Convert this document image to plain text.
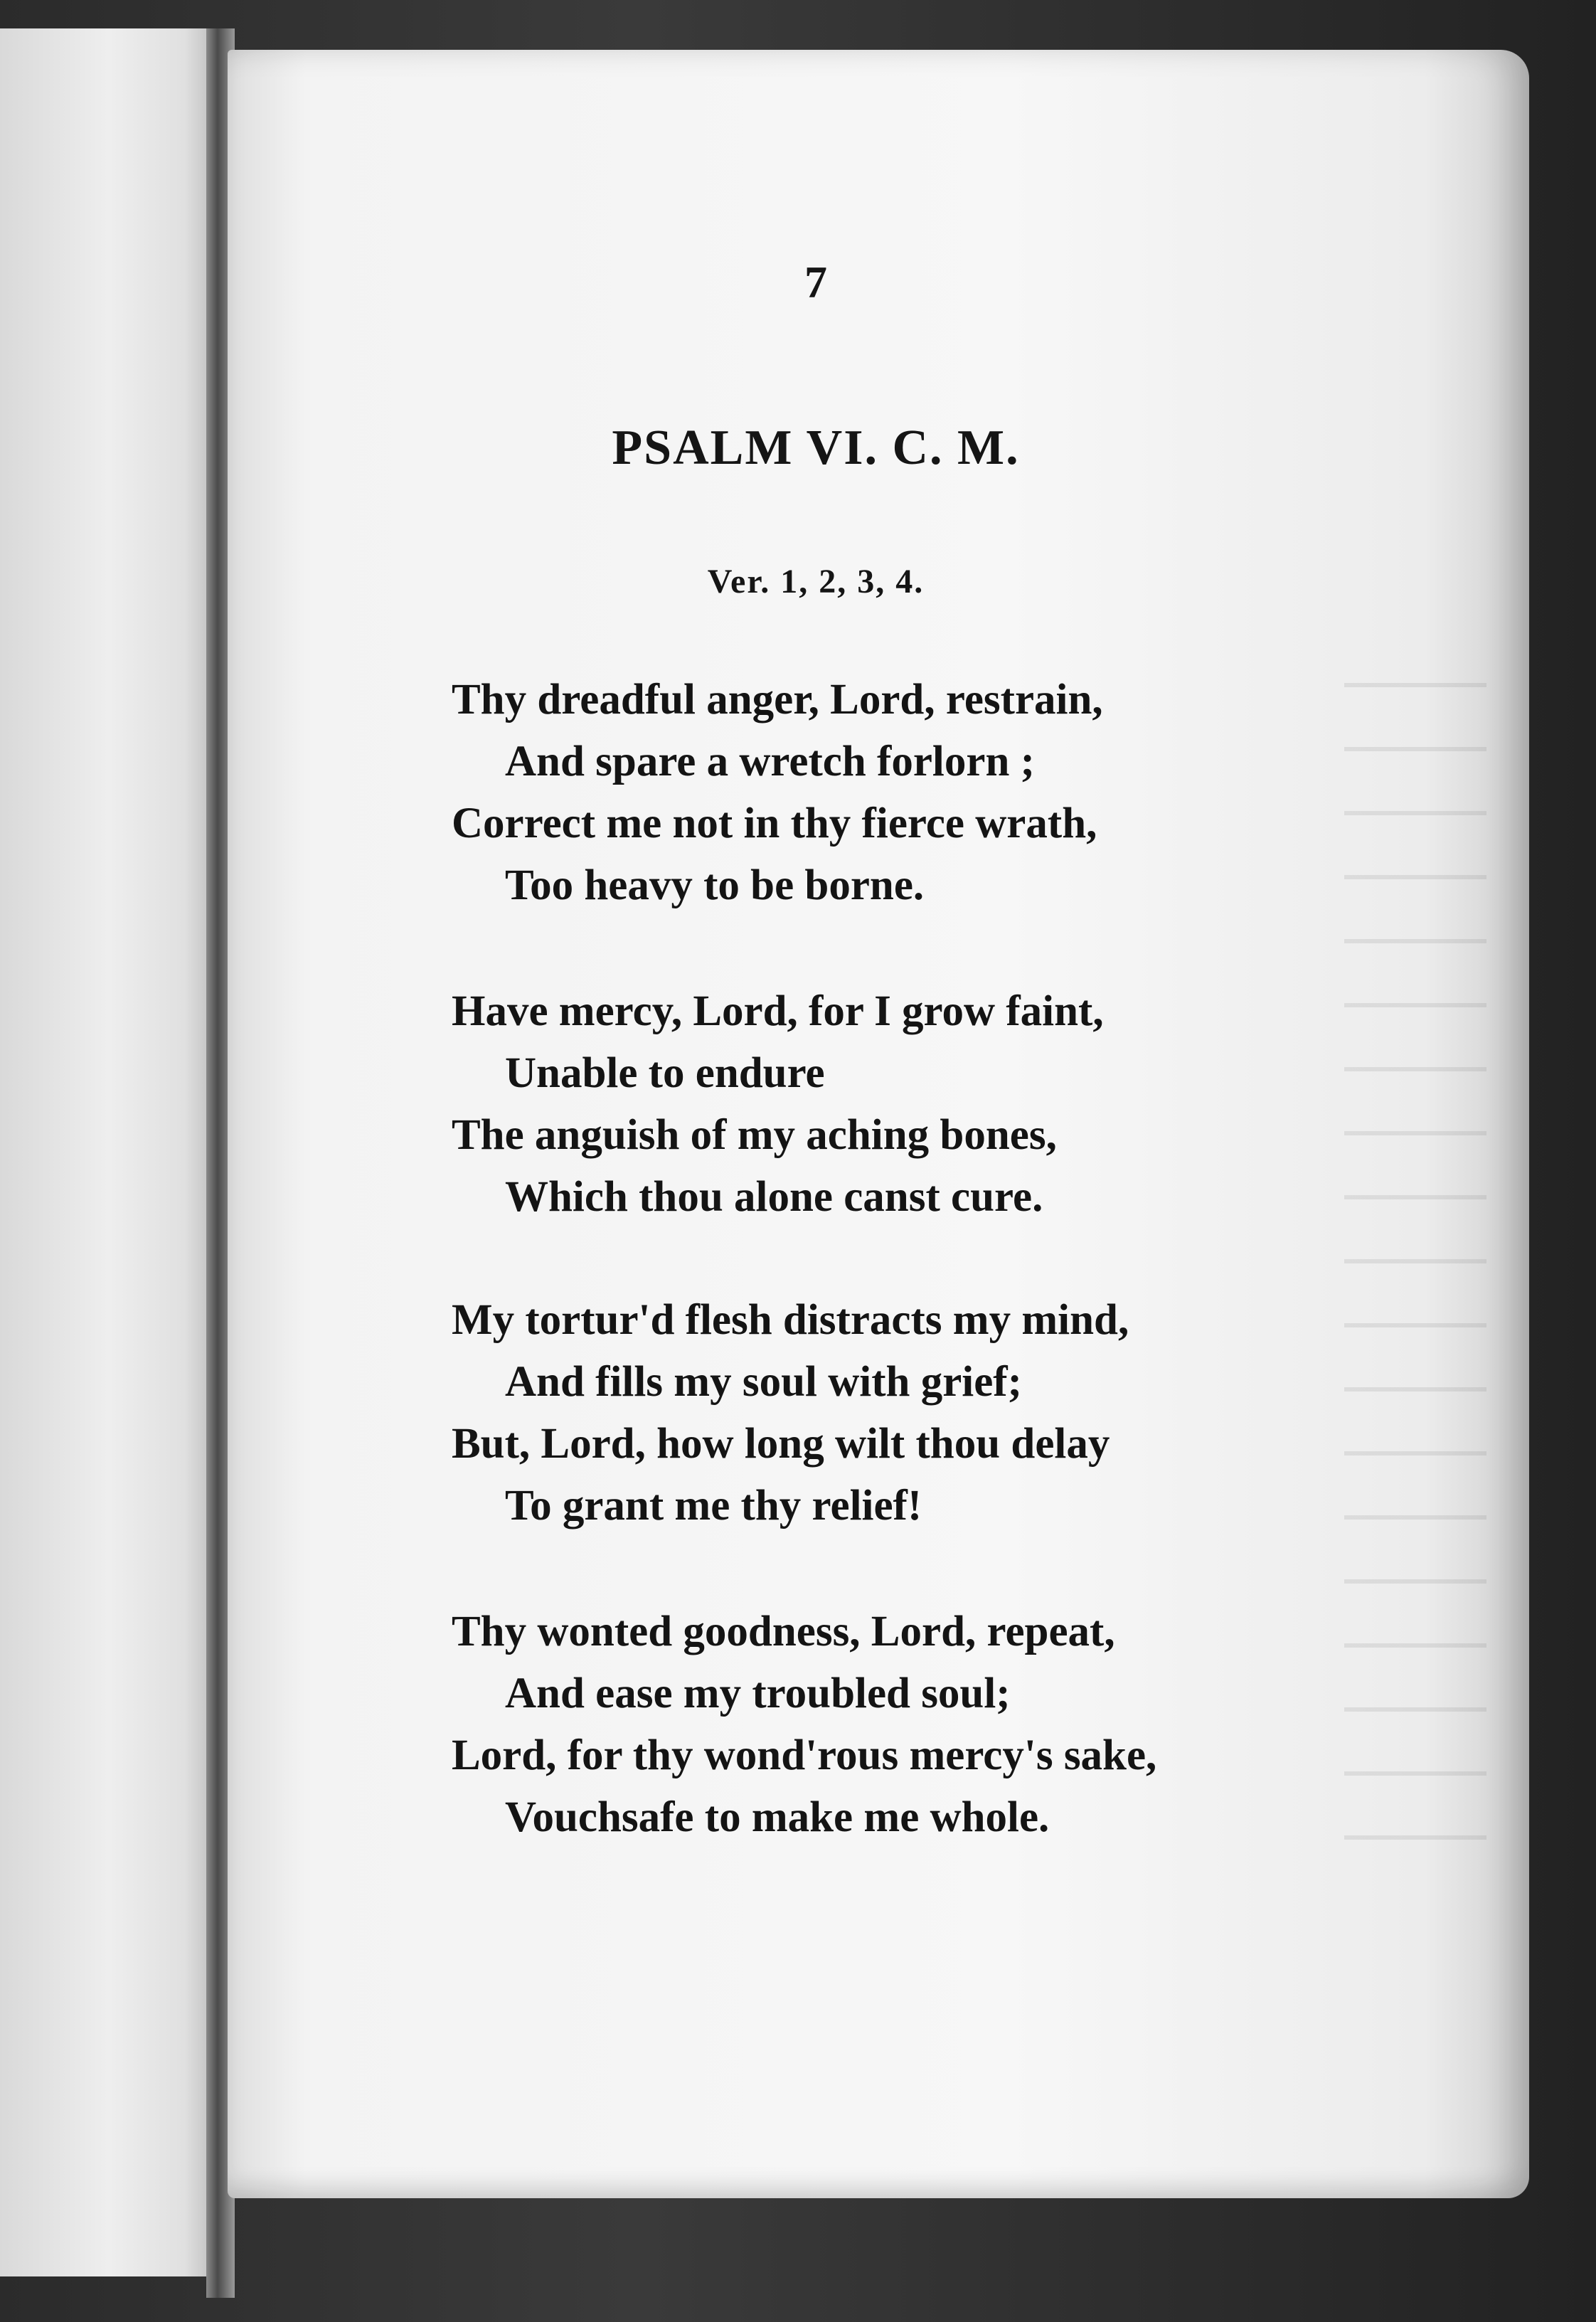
7
PSALM VI. C. M.
Ver. 1, 2, 3, 4.
Thy dreadful anger, Lord, restrain,
And spare a wretch forlorn ;
Correct me not in thy fierce wrath,
Too heavy to be borne.
Have mercy, Lord, for I grow faint,
Unable to endure
The anguish of my aching bones,
Which thou alone canst cure.
My tortur'd flesh distracts my mind,
And fills my soul with grief;
But, Lord, how long wilt thou delay
To grant me thy relief!
Thy wonted goodness, Lord, repeat,
And ease my troubled soul;
Lord, for thy wond'rous mercy's sake,
Vouchsafe to make me whole.
